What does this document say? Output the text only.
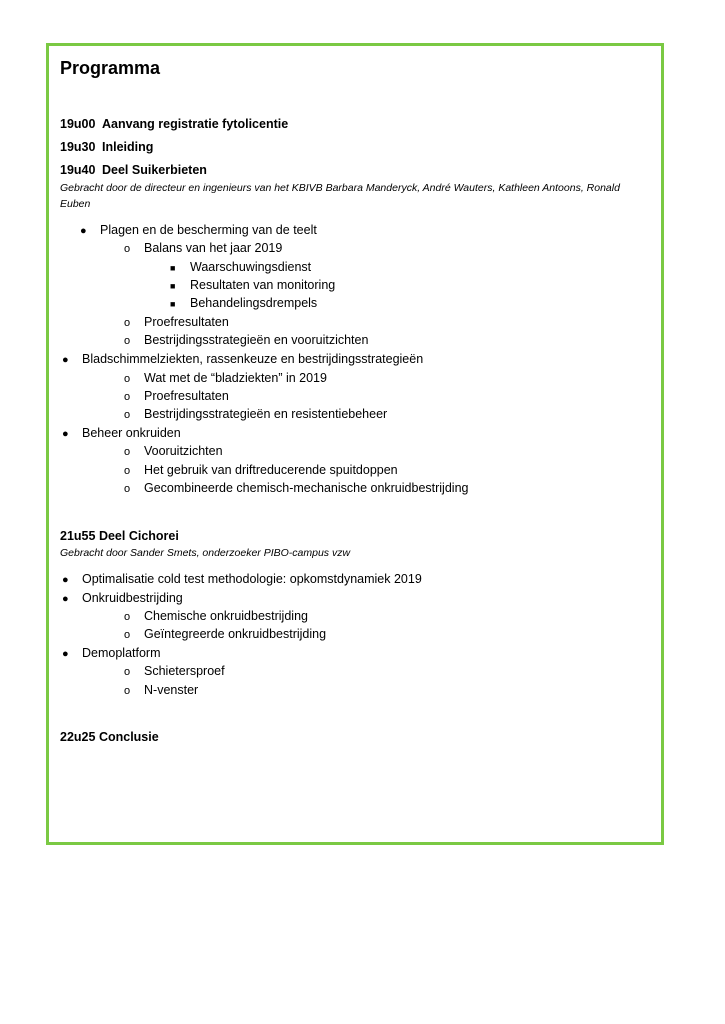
Programma
19u00 Aanvang registratie fytolicentie
19u30 Inleiding
19u40 Deel Suikerbieten
Gebracht door de directeur en ingenieurs van het KBIVB Barbara Manderyck, André Wauters, Kathleen Antoons, Ronald
Euben
● Plagen en de bescherming van de teelt
o Balans van het jaar 2019
■ Waarschuwingsdienst
■ Resultaten van monitoring
■ Behandelingsdrempels
o Proefresultaten
o Bestrijdingsstrategieën en vooruitzichten
● Bladschimmelziekten, rassenkeuze en bestrijdingsstrategieën
o Wat met de “bladziekten” in 2019
o Proefresultaten
o Bestrijdingsstrategieën en resistentiebeheer
● Beheer onkruiden
o Vooruitzichten
o Het gebruik van driftreducerende spuitdoppen
o Gecombineerde chemisch-mechanische onkruidbestrijding
21u55 Deel Cichorei
Gebracht door Sander Smets, onderzoeker PIBO-campus vzw
● Optimalisatie cold test methodologie: opkomstdynamiek 2019
● Onkruidbestrijding
o Chemische onkruidbestrijding
o Geïntegreerde onkruidbestrijding
● Demoplatform
o Schietersproef
o N-venster
22u25 Conclusie
